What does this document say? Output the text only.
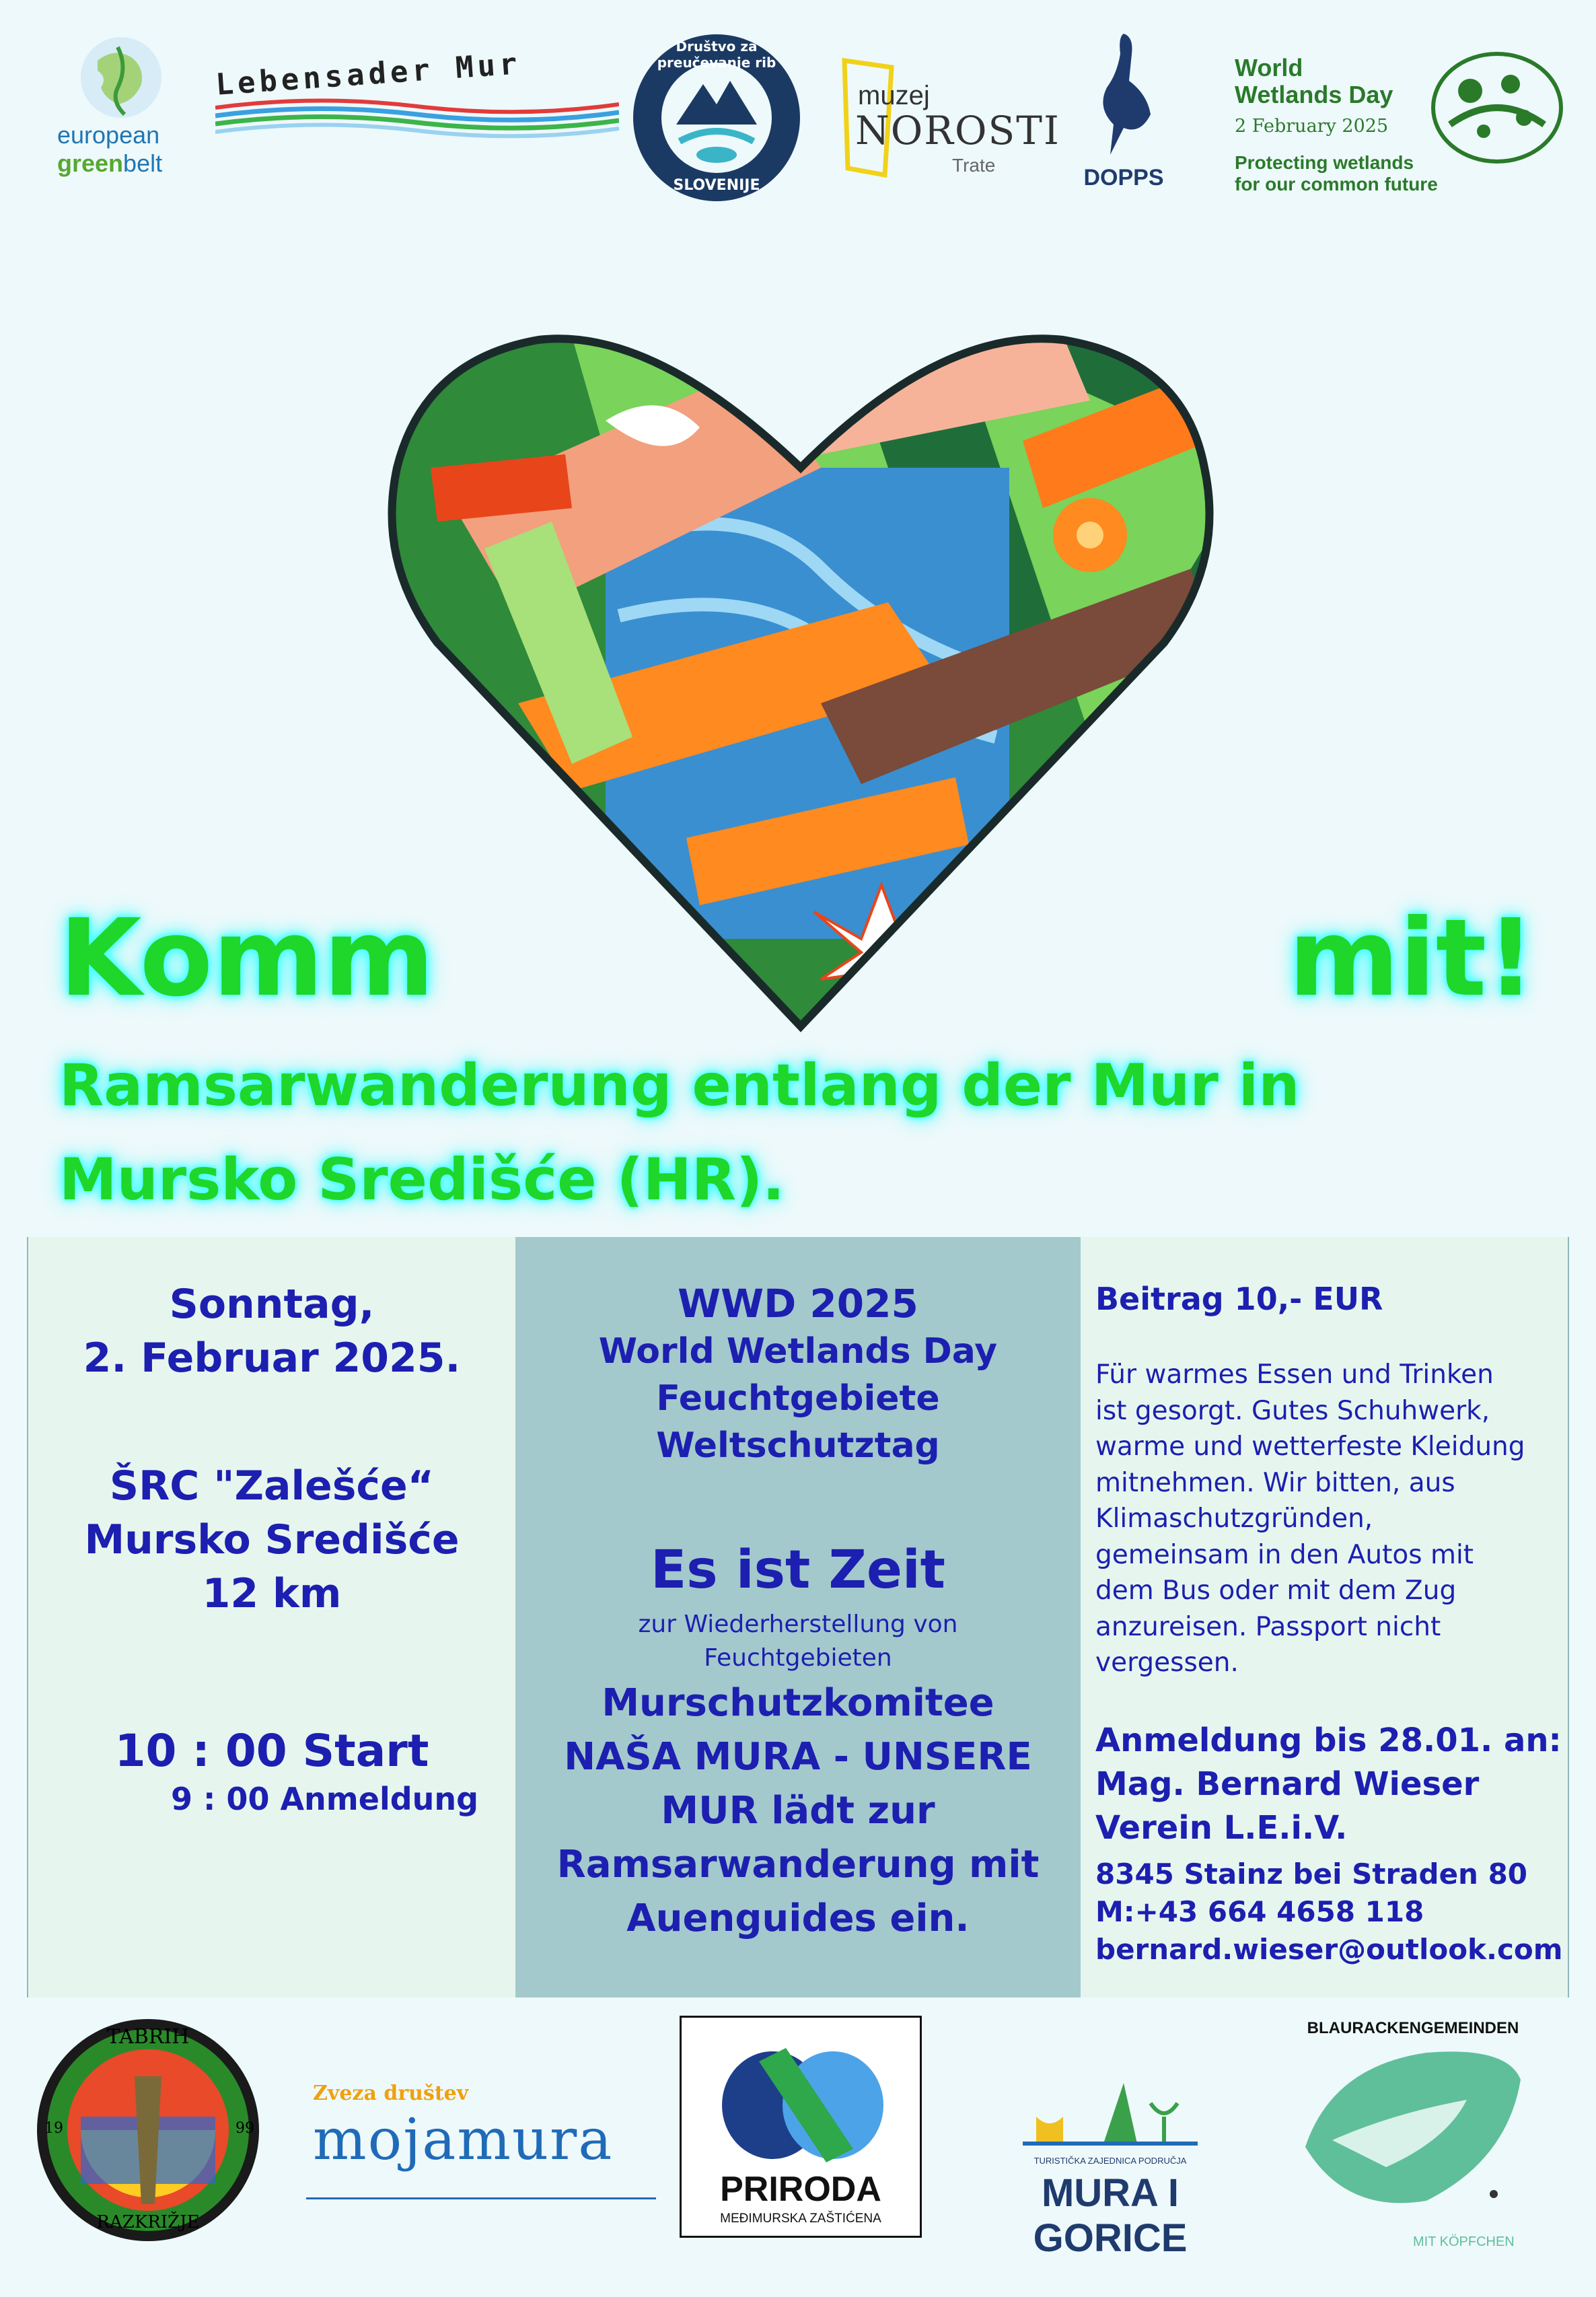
european
greenbelt
Lebensader Mur
Društvo za preučevanje rib
SLOVENIJE
muzej
NOROSTI
Trate	DOPPS
World
Wetlands Day
2 February 2025
Protecting wetlands
for our common future
Komm	mit!
Ramsarwanderung entlang der Mur in
Mursko Središće (HR).
Sonntag,
2. Februar 2025.
ŠRC "Zalešće“
Mursko Središće
12 km
10 : 00 Start
9 : 00 Anmeldung
WWD 2025
World Wetlands Day
Feuchtgebiete
Weltschutztag
Es ist Zeit
zur Wiederherstellung von
Feuchtgebieten
Murschutzkomitee
NAŠA MURA - UNSERE
MUR lädt zur
Ramsarwanderung mit
Auenguides ein.
Beitrag 10,- EUR
Für warmes Essen und Trinken
ist gesorgt. Gutes Schuhwerk,
warme und wetterfeste Kleidung
mitnehmen. Wir bitten, aus
Klimaschutzgründen,
gemeinsam in den Autos mit
dem Bus oder mit dem Zug
anzureisen. Passport nicht
vergessen.
Anmeldung bis 28.01. an:
Mag. Bernard Wieser
Verein L.E.i.V.
8345 Stainz bei Straden 80
M:+43 664 4658 118
bernard.wieser@outlook.com
TABRIH
RAZKRIŽJE
19	99
Zveza društev
mojamura
PRIRODA
MEĐIMURSKA ZAŠTIĆENA
TURISTIČKA ZAJEDNICA PODRUČJA
MURA I GORICE
BLAURACKENGEMEINDEN
MIT KÖPFCHEN
